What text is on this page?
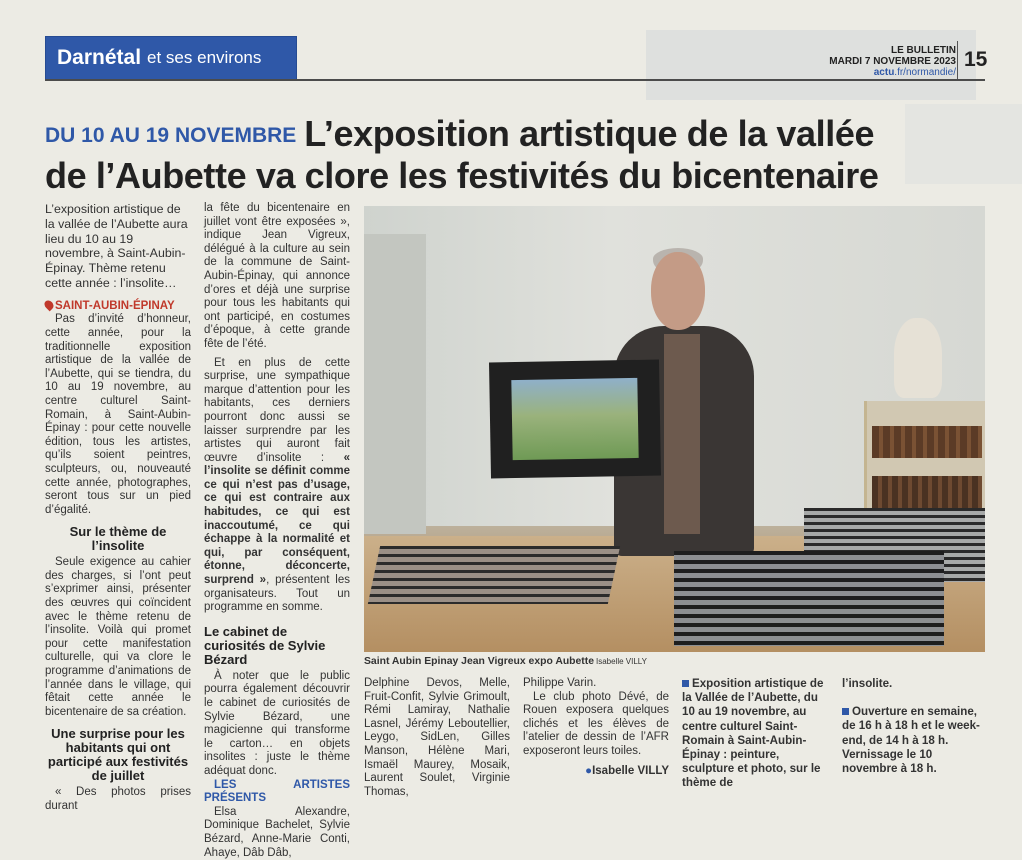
Darnétal et ses environs	LE BULLETIN
MARDI 7 NOVEMBRE 2023
actu.fr/normandie/
15
DU 10 AU 19 NOVEMBRE L’exposition artistique de la vallée
de l’Aubette va clore les festivités du bicentenaire

L’exposition artistique de la vallée de l’Aubette aura lieu du 10 au 19 novembre, à Saint-Aubin-Épinay. Thème retenu cette année : l’insolite…

SAINT-AUBIN-ÉPINAY

Pas d’invité d’honneur, cette année, pour la traditionnelle exposition artistique de la vallée de l’Aubette, qui se tiendra, du 10 au 19 novembre, au centre culturel Saint-Romain, à Saint-Aubin-Épinay : pour cette nouvelle édition, tous les artistes, qu’ils soient peintres, sculpteurs, ou, nouveauté cette année, photographes, seront tous sur un pied d’égalité.

Sur le thème de l’insolite

Seule exigence au cahier des charges, si l’ont peut s’exprimer ainsi, présenter des œuvres qui coïncident avec le thème retenu de l’insolite. Voilà qui promet pour cette manifestation culturelle, qui va clore le programme d’animations de l’année dans le village, qui fêtait cette année le bicentenaire de sa création.

Une surprise pour les habitants qui ont participé aux festivités de juillet

« Des photos prises durant

la fête du bicentenaire en juillet vont être exposées », indique Jean Vigreux, délégué à la culture au sein de la commune de Saint-Aubin-Épinay, qui annonce d’ores et déjà une surprise pour tous les habitants qui ont participé, en costumes d’époque, à cette grande fête de l’été.

Et en plus de cette surprise, une sympathique marque d’attention pour les habitants, ces derniers pourront donc aussi se laisser surprendre par les artistes qui auront fait œuvre d’insolite : « l’insolite se définit comme ce qui n’est pas d’usage, ce qui est contraire aux habitudes, ce qui est inaccoutumé, ce qui échappe à la normalité et qui, par conséquent, étonne, déconcerte, surprend », présentent les organisateurs. Tout un programme en somme.

Le cabinet de curiosités de Sylvie Bézard

À noter que le public pourra également découvrir le cabinet de curiosités de Sylvie Bézard, une magicienne qui transforme le carton… en objets insolites : juste le thème adéquat donc.

LES ARTISTES PRÉSENTS

Elsa Alexandre, Dominique Bachelet, Sylvie Bézard, Anne-Marie Conti, Ahaye, Dâb Dâb,

Saint Aubin Epinay Jean Vigreux expo Aubette Isabelle VILLY

Delphine Devos, Melle, Fruit-Confit, Sylvie Grimoult, Rémi Lamiray, Nathalie Lasnel, Jérémy Leboutellier, Leygo, SidLen, Gilles Manson, Hélène Mari, Ismaël Maurey, Mosaik, Laurent Soulet, Virginie Thomas,

Philippe Varin.

Le club photo Dévé, de Rouen exposera quelques clichés et les élèves de l’atelier de dessin de l’AFR exposeront leurs toiles.

●Isabelle VILLY

Exposition artistique de la Vallée de l’Aubette, du 10 au 19 novembre, au centre culturel Saint-Romain à Saint-Aubin-Épinay : peinture, sculpture et photo, sur le thème de
l’insolite.
Ouverture en semaine, de 16 h à 18 h et le week-end, de 14 h à 18 h. Vernissage le 10 novembre à 18 h.
